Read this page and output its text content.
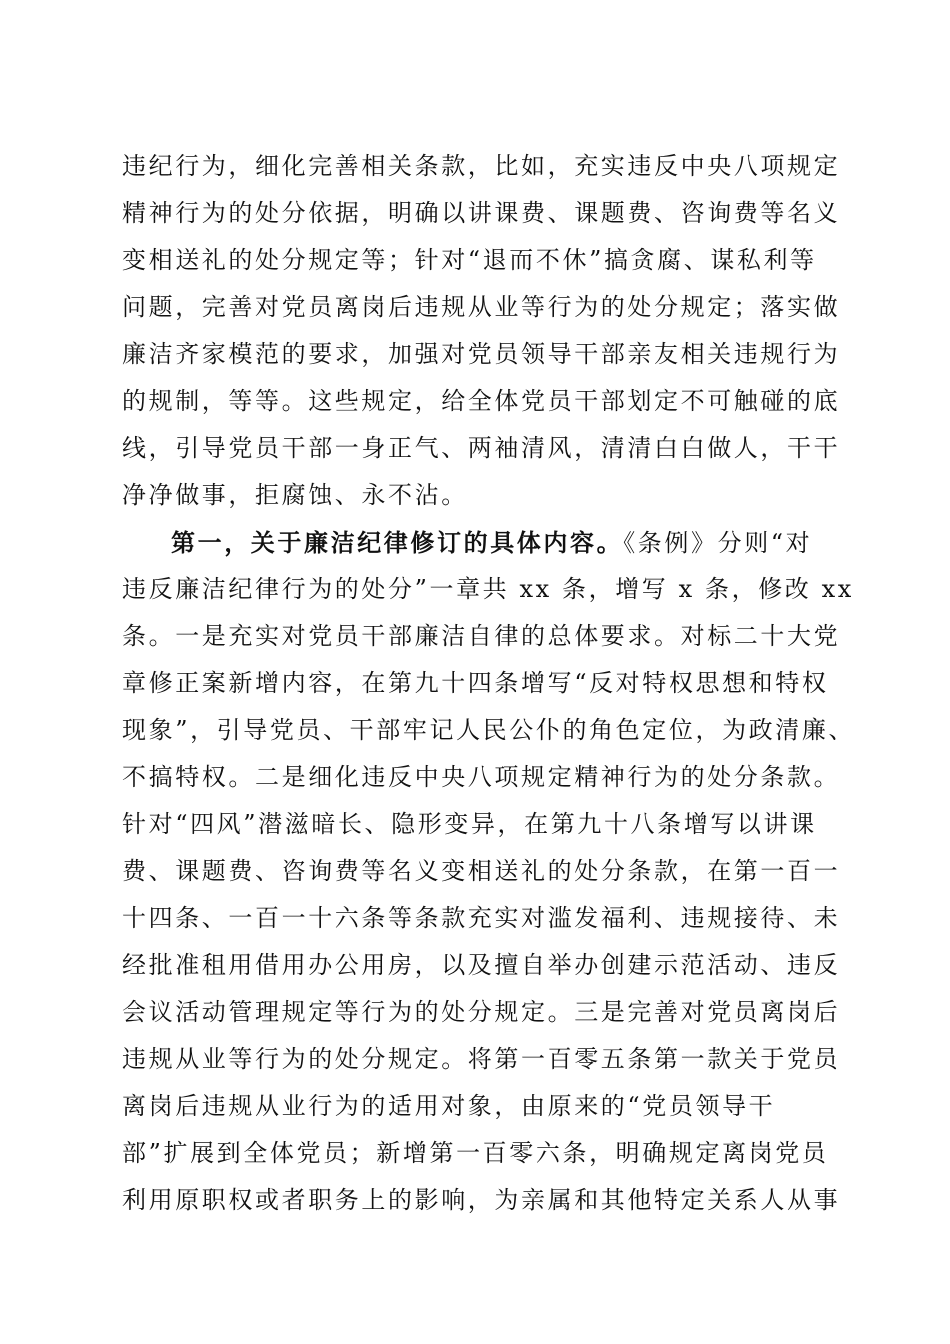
违纪行为，细化完善相关条款，比如，充实违反中央八项规定
精神行为的处分依据，明确以讲课费、课题费、咨询费等名义
变相送礼的处分规定等；针对“退而不休”搞贪腐、谋私利等
问题，完善对党员离岗后违规从业等行为的处分规定；落实做
廉洁齐家模范的要求，加强对党员领导干部亲友相关违规行为
的规制，等等。这些规定，给全体党员干部划定不可触碰的底
线，引导党员干部一身正气、两袖清风，清清白白做人，干干
净净做事，拒腐蚀、永不沾。
第一，关于廉洁纪律修订的具体内容。《条例》分则“对
违反廉洁纪律行为的处分”一章共 xx 条，增写 x 条，修改 xx
条。一是充实对党员干部廉洁自律的总体要求。对标二十大党
章修正案新增内容，在第九十四条增写“反对特权思想和特权
现象”，引导党员、干部牢记人民公仆的角色定位，为政清廉、
不搞特权。二是细化违反中央八项规定精神行为的处分条款。
针对“四风”潜滋暗长、隐形变异，在第九十八条增写以讲课
费、课题费、咨询费等名义变相送礼的处分条款，在第一百一
十四条、一百一十六条等条款充实对滥发福利、违规接待、未
经批准租用借用办公用房，以及擅自举办创建示范活动、违反
会议活动管理规定等行为的处分规定。三是完善对党员离岗后
违规从业等行为的处分规定。将第一百零五条第一款关于党员
离岗后违规从业行为的适用对象，由原来的“党员领导干
部”扩展到全体党员；新增第一百零六条，明确规定离岗党员
利用原职权或者职务上的影响，为亲属和其他特定关系人从事
